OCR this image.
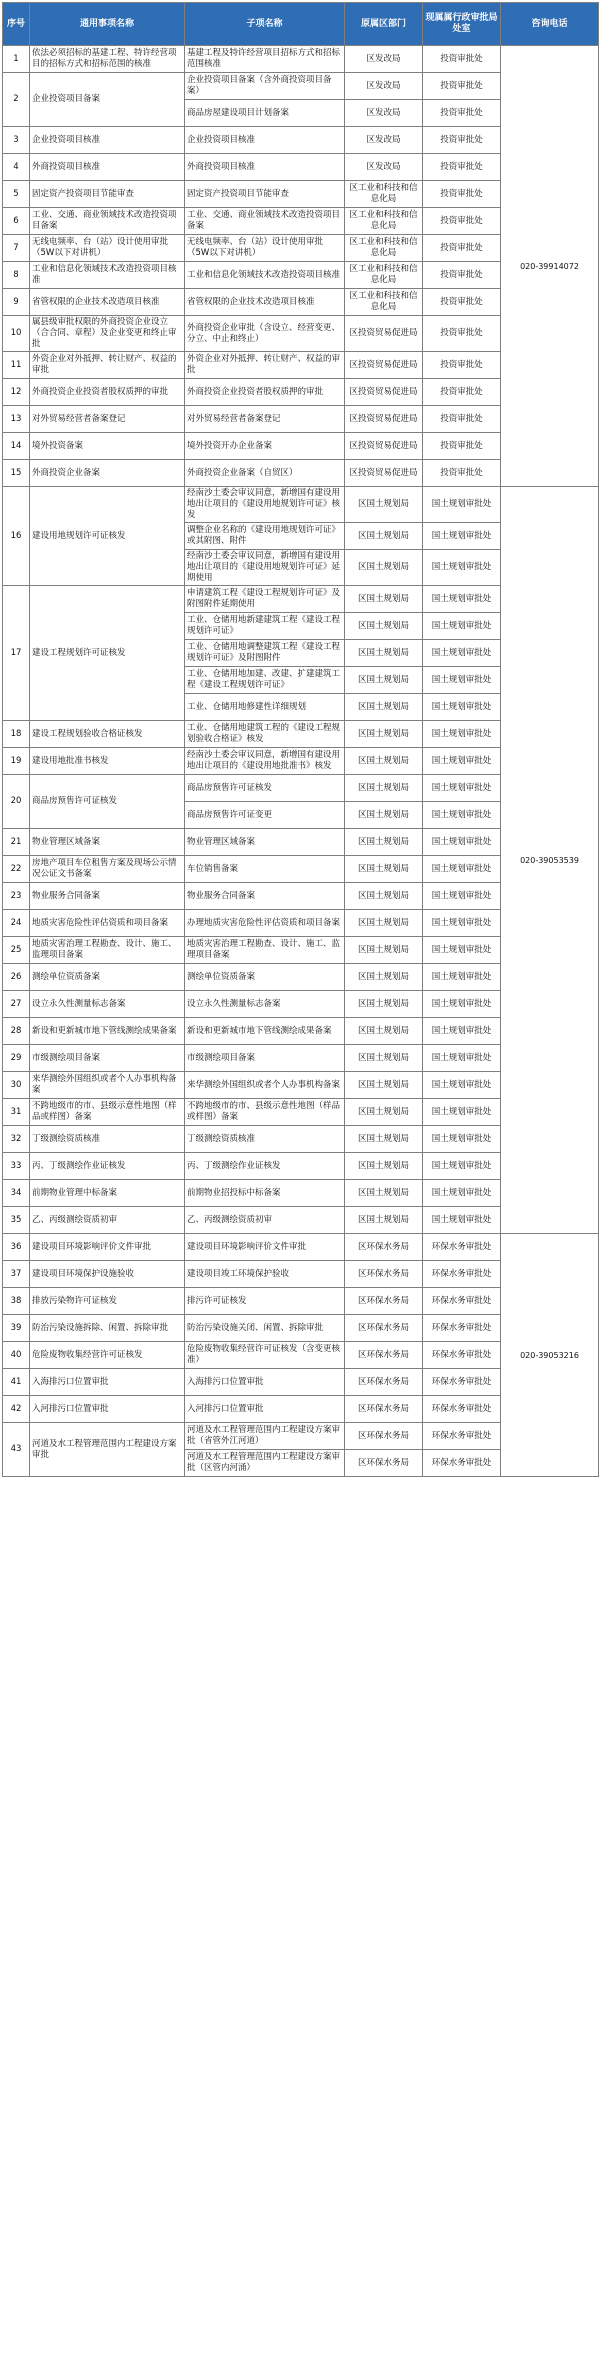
序号	通用事项名称	子项名称	原属区部门	现属属行政审批局处室	咨询电话
1	依法必须招标的基建工程、特许经营项目的招标方式和招标范围的核准	基建工程及特许经营项目招标方式和招标范围核准	区发改局	投资审批处	020-39914072
2	企业投资项目备案	企业投资项目备案（含外商投资项目备案）	区发改局	投资审批处	
		商品房屋建设项目计划备案	区发改局	投资审批处	
3	企业投资项目核准	企业投资项目核准	区发改局	投资审批处	
4	外商投资项目核准	外商投资项目核准	区发改局	投资审批处	
5	固定资产投资项目节能审查	固定资产投资项目节能审查	区工业和科技和信息化局	投资审批处	
6	工业、交通、商业领域技术改造投资项目备案	工业、交通、商业领域技术改造投资项目备案	区工业和科技和信息化局	投资审批处	
7	无线电频率、台（站）设计使用审批（5W以下对讲机）	无线电频率、台（站）设计使用审批（5W以下对讲机）	区工业和科技和信息化局	投资审批处	
8	工业和信息化领域技术改造投资项目核准	工业和信息化领域技术改造投资项目核准	区工业和科技和信息化局	投资审批处	
9	省管权限的企业技术改造项目核准	省管权限的企业技术改造项目核准	区工业和科技和信息化局	投资审批处	
10	属县级审批权限的外商投资企业设立（合合同、章程）及企业变更和终止审批	外商投资企业审批（含设立、经营变更、分立、中止和终止）	区投资贸易促进局	投资审批处	
11	外资企业对外抵押、转让财产、权益的审批	外资企业对外抵押、转让财产、权益的审批	区投资贸易促进局	投资审批处	
12	外商投资企业投资者股权质押的审批	外商投资企业投资者股权质押的审批	区投资贸易促进局	投资审批处	
13	对外贸易经营者备案登记	对外贸易经营者备案登记	区投资贸易促进局	投资审批处	
14	境外投资备案	境外投资开办企业备案	区投资贸易促进局	投资审批处	
15	外商投资企业备案	外商投资企业备案（自贸区）	区投资贸易促进局	投资审批处	
16	建设用地规划许可证核发	经南沙土委会审议同意，新增国有建设用地出让项目的《建设用地规划许可证》核发	区国土规划局	国土规划审批处	020-39053539
		调整企业名称的《建设用地规划许可证》或其附图、附件	区国土规划局	国土规划审批处	
		经南沙土委会审议同意，新增国有建设用地出让项目的《建设用地规划许可证》延期使用	区国土规划局	国土规划审批处	
17	建设工程规划许可证核发	申请建筑工程《建设工程规划许可证》及附图附件延期使用	区国土规划局	国土规划审批处	
		工业、仓储用地新建建筑工程《建设工程规划许可证》	区国土规划局	国土规划审批处	
		工业、仓储用地调整建筑工程《建设工程规划许可证》及附图附件	区国土规划局	国土规划审批处	
		工业、仓储用地加建、改建、扩建建筑工程《建设工程规划许可证》	区国土规划局	国土规划审批处	
		工业、仓储用地修建性详细规划	区国土规划局	国土规划审批处	
18	建设工程规划验收合格证核发	工业、仓储用地建筑工程的《建设工程规划验收合格证》核发	区国土规划局	国土规划审批处	
19	建设用地批准书核发	经南沙土委会审议同意，新增国有建设用地出让项目的《建设用地批准书》核发	区国土规划局	国土规划审批处	
20	商品房预售许可证核发	商品房预售许可证核发	区国土规划局	国土规划审批处	
		商品房预售许可证变更	区国土规划局	国土规划审批处	
21	物业管理区域备案	物业管理区域备案	区国土规划局	国土规划审批处	
22	房地产项目车位租售方案及现场公示情况公证文书备案	车位销售备案	区国土规划局	国土规划审批处	
23	物业服务合同备案	物业服务合同备案	区国土规划局	国土规划审批处	
24	地质灾害危险性评估资质和项目备案	办理地质灾害危险性评估资质和项目备案	区国土规划局	国土规划审批处	
25	地质灾害治理工程勘查、设计、施工、监理项目备案	地质灾害治理工程勘查、设计、施工、监理项目备案	区国土规划局	国土规划审批处	
26	测绘单位资质备案	测绘单位资质备案	区国土规划局	国土规划审批处	
27	设立永久性测量标志备案	设立永久性测量标志备案	区国土规划局	国土规划审批处	
28	新设和更新城市地下管线测绘成果备案	新设和更新城市地下管线测绘成果备案	区国土规划局	国土规划审批处	
29	市级测绘项目备案	市级测绘项目备案	区国土规划局	国土规划审批处	
30	来华测绘外国组织或者个人办事机构备案	来华测绘外国组织或者个人办事机构备案	区国土规划局	国土规划审批处	
31	不跨地级市的市、县级示意性地图（样品或样图）备案	不跨地级市的市、县级示意性地图（样品或样图）备案	区国土规划局	国土规划审批处	
32	丁级测绘资质核准	丁级测绘资质核准	区国土规划局	国土规划审批处	
33	丙、丁级测绘作业证核发	丙、丁级测绘作业证核发	区国土规划局	国土规划审批处	
34	前期物业管理中标备案	前期物业招投标中标备案	区国土规划局	国土规划审批处	
35	乙、丙级测绘资质初审	乙、丙级测绘资质初审	区国土规划局	国土规划审批处	
36	建设项目环境影响评价文件审批	建设项目环境影响评价文件审批	区环保水务局	环保水务审批处	020-39053216
37	建设项目环境保护设施验收	建设项目竣工环境保护验收	区环保水务局	环保水务审批处	
38	排放污染物许可证核发	排污许可证核发	区环保水务局	环保水务审批处	
39	防治污染设施拆除、闲置、拆除审批	防治污染设施关闭、闲置、拆除审批	区环保水务局	环保水务审批处	
40	危险废物收集经营许可证核发	危险废物收集经营许可证核发（含变更核准）	区环保水务局	环保水务审批处	
41	入海排污口位置审批	入海排污口位置审批	区环保水务局	环保水务审批处	
42	入河排污口位置审批	入河排污口位置审批	区环保水务局	环保水务审批处	
43	河道及水工程管理范围内工程建设方案审批	河道及水工程管理范围内工程建设方案审批（省管外江河道）	区环保水务局	环保水务审批处	
		河道及水工程管理范围内工程建设方案审批（区管内河涌）	区环保水务局	环保水务审批处	
